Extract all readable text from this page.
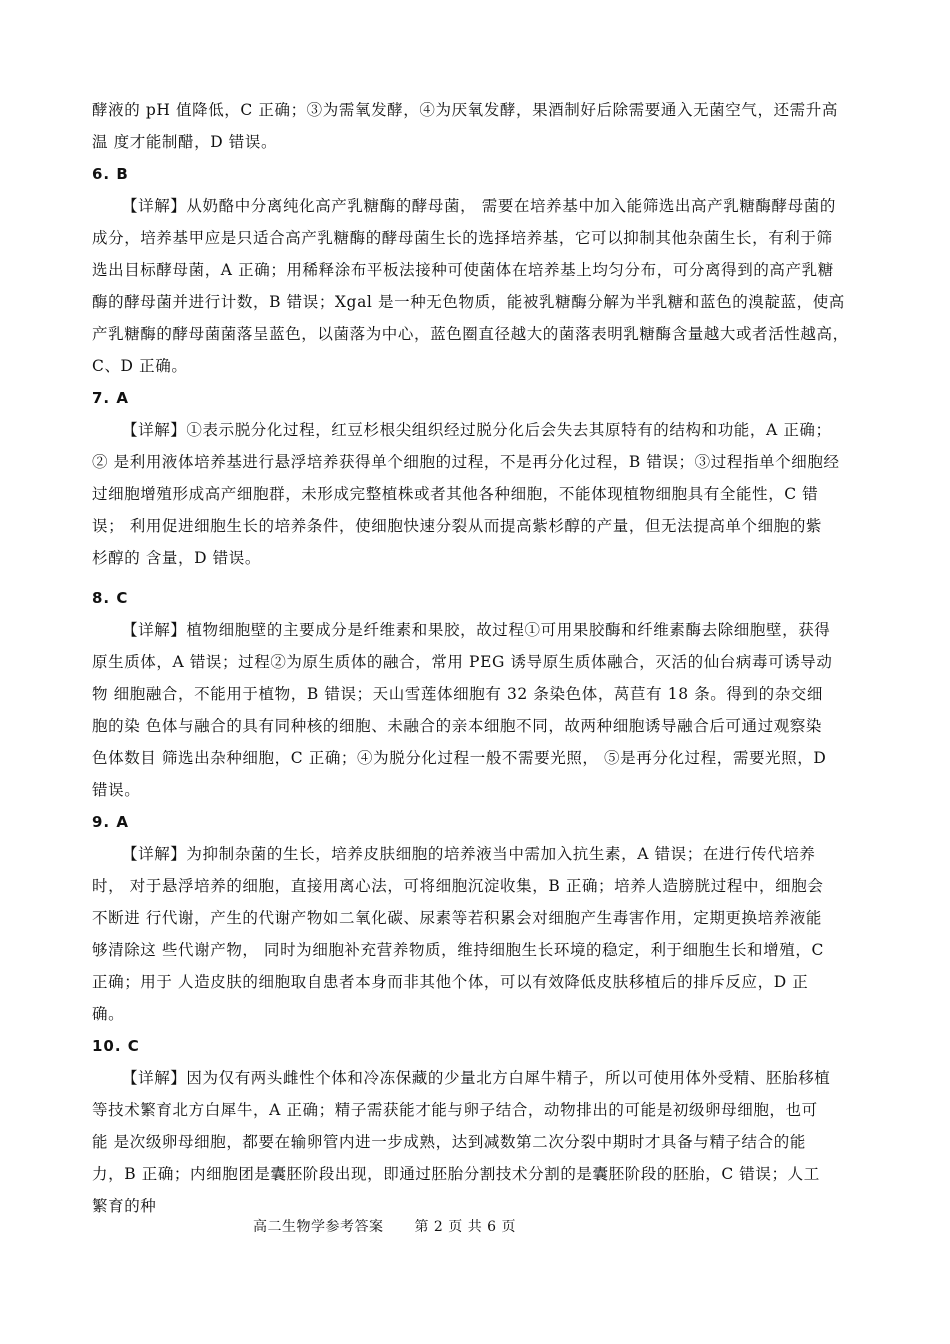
酵液的 pH 值降低，C 正确；③为需氧发酵，④为厌氧发酵，果酒制好后除需要通入无菌空气，还需升高
温 度才能制醋，D 错误。
6. B
【详解】从奶酪中分离纯化高产乳糖酶的酵母菌， 需要在培养基中加入能筛选出高产乳糖酶酵母菌的
成分，培养基甲应是只适合高产乳糖酶的酵母菌生长的选择培养基，它可以抑制其他杂菌生长，有利于筛
选出目标酵母菌，A 正确；用稀释涂布平板法接种可使菌体在培养基上均匀分布，可分离得到的高产乳糖
酶的酵母菌并进行计数，B 错误；Xgal 是一种无色物质，能被乳糖酶分解为半乳糖和蓝色的溴靛蓝，使高
产乳糖酶的酵母菌菌落呈蓝色，以菌落为中心，蓝色圈直径越大的菌落表明乳糖酶含量越大或者活性越高，
C、D 正确。
7. A
【详解】①表示脱分化过程，红豆杉根尖组织经过脱分化后会失去其原特有的结构和功能，A 正确；
② 是利用液体培养基进行悬浮培养获得单个细胞的过程，不是再分化过程，B 错误；③过程指单个细胞经
过细胞增殖形成高产细胞群，未形成完整植株或者其他各种细胞，不能体现植物细胞具有全能性，C 错
误； 利用促进细胞生长的培养条件，使细胞快速分裂从而提高紫杉醇的产量，但无法提高单个细胞的紫
杉醇的 含量，D 错误。
8. C
【详解】植物细胞壁的主要成分是纤维素和果胶，故过程①可用果胶酶和纤维素酶去除细胞壁，获得
原生质体，A 错误；过程②为原生质体的融合，常用 PEG 诱导原生质体融合，灭活的仙台病毒可诱导动
物 细胞融合，不能用于植物，B 错误；天山雪莲体细胞有 32 条染色体，莴苣有 18 条。得到的杂交细
胞的染 色体与融合的具有同种核的细胞、未融合的亲本细胞不同，故两种细胞诱导融合后可通过观察染
色体数目 筛选出杂种细胞，C 正确；④为脱分化过程一般不需要光照， ⑤是再分化过程，需要光照，D
错误。
9. A
【详解】为抑制杂菌的生长，培养皮肤细胞的培养液当中需加入抗生素，A 错误；在进行传代培养
时， 对于悬浮培养的细胞，直接用离心法，可将细胞沉淀收集，B 正确；培养人造膀胱过程中，细胞会
不断进 行代谢，产生的代谢产物如二氧化碳、尿素等若积累会对细胞产生毒害作用，定期更换培养液能
够清除这 些代谢产物， 同时为细胞补充营养物质，维持细胞生长环境的稳定，利于细胞生长和增殖，C
正确；用于 人造皮肤的细胞取自患者本身而非其他个体，可以有效降低皮肤移植后的排斥反应，D 正
确。
10. C
【详解】因为仅有两头雌性个体和冷冻保藏的少量北方白犀牛精子，所以可使用体外受精、胚胎移植
等技术繁育北方白犀牛，A 正确；精子需获能才能与卵子结合，动物排出的可能是初级卵母细胞，也可
能 是次级卵母细胞，都要在输卵管内进一步成熟，达到减数第二次分裂中期时才具备与精子结合的能
力，B 正确；内细胞团是囊胚阶段出现，即通过胚胎分割技术分割的是囊胚阶段的胚胎，C 错误；人工
繁育的种
高二生物学参考答案 第 2 页 共 6 页
